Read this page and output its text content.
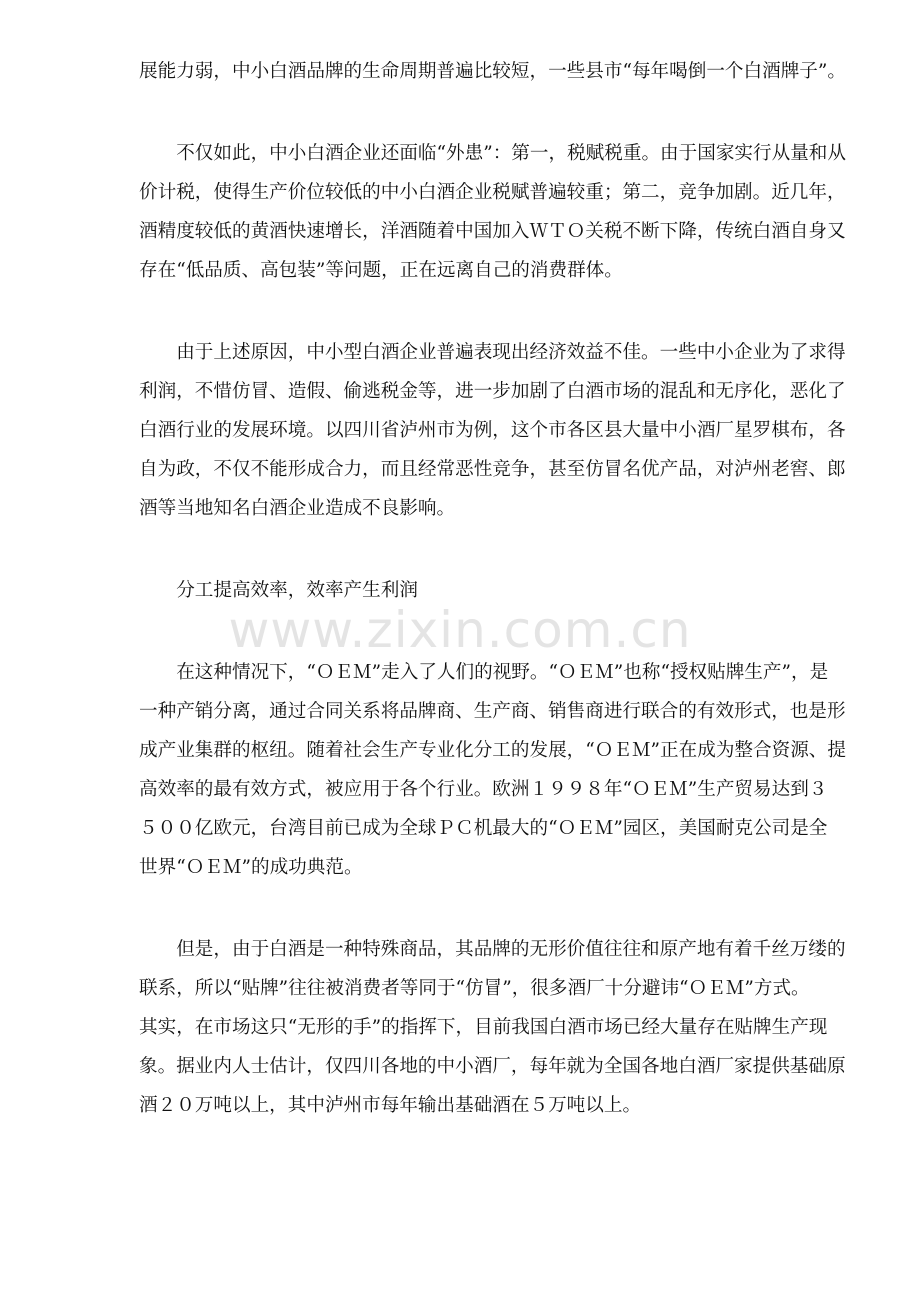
www.zixin.com.cn
展能力弱，中小白酒品牌的生命周期普遍比较短，一些县市“每年喝倒一个白酒牌子”。
　　不仅如此，中小白酒企业还面临“外患”：第一，税赋税重。由于国家实行从量和从
价计税，使得生产价位较低的中小白酒企业税赋普遍较重；第二，竞争加剧。近几年，
酒精度较低的黄酒快速增长，洋酒随着中国加入ＷＴＯ关税不断下降，传统白酒自身又
存在“低品质、高包装”等问题，正在远离自己的消费群体。
　　由于上述原因，中小型白酒企业普遍表现出经济效益不佳。一些中小企业为了求得
利润，不惜仿冒、造假、偷逃税金等，进一步加剧了白酒市场的混乱和无序化，恶化了
白酒行业的发展环境。以四川省泸州市为例，这个市各区县大量中小酒厂星罗棋布，各
自为政，不仅不能形成合力，而且经常恶性竞争，甚至仿冒名优产品，对泸州老窖、郎
酒等当地知名白酒企业造成不良影响。
　　分工提高效率，效率产生利润
　　在这种情况下，“ＯＥＭ”走入了人们的视野。“ＯＥＭ”也称“授权贴牌生产”，是
一种产销分离，通过合同关系将品牌商、生产商、销售商进行联合的有效形式，也是形
成产业集群的枢纽。随着社会生产专业化分工的发展，“ＯＥＭ”正在成为整合资源、提
高效率的最有效方式，被应用于各个行业。欧洲１９９８年“ＯＥＭ”生产贸易达到３
５００亿欧元，台湾目前已成为全球ＰＣ机最大的“ＯＥＭ”园区，美国耐克公司是全
世界“ＯＥＭ”的成功典范。
　　但是，由于白酒是一种特殊商品，其品牌的无形价值往往和原产地有着千丝万缕的
联系，所以“贴牌”往往被消费者等同于“仿冒”，很多酒厂十分避讳“ＯＥＭ”方式。
其实，在市场这只“无形的手”的指挥下，目前我国白酒市场已经大量存在贴牌生产现
象。据业内人士估计，仅四川各地的中小酒厂，每年就为全国各地白酒厂家提供基础原
酒２０万吨以上，其中泸州市每年输出基础酒在５万吨以上。
